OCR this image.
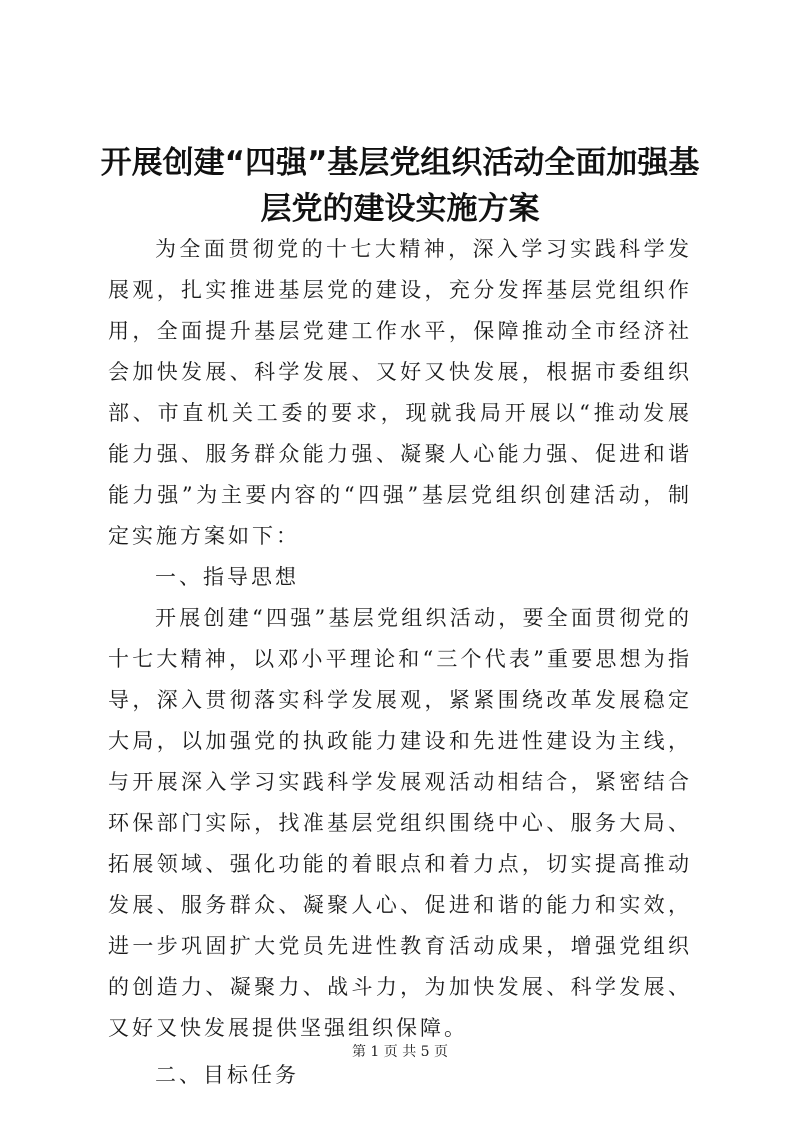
开展创建“四强”基层党组织活动全面加强基层党的建设实施方案

为全面贯彻党的十七大精神，深入学习实践科学发展观，扎实推进基层党的建设，充分发挥基层党组织作用，全面提升基层党建工作水平，保障推动全市经济社会加快发展、科学发展、又好又快发展，根据市委组织部、市直机关工委的要求，现就我局开展以“推动发展能力强、服务群众能力强、凝聚人心能力强、促进和谐能力强”为主要内容的“四强”基层党组织创建活动，制定实施方案如下：

一、指导思想

开展创建“四强”基层党组织活动，要全面贯彻党的十七大精神，以邓小平理论和“三个代表”重要思想为指导，深入贯彻落实科学发展观，紧紧围绕改革发展稳定大局，以加强党的执政能力建设和先进性建设为主线，与开展深入学习实践科学发展观活动相结合，紧密结合环保部门实际，找准基层党组织围绕中心、服务大局、拓展领域、强化功能的着眼点和着力点，切实提高推动发展、服务群众、凝聚人心、促进和谐的能力和实效，进一步巩固扩大党员先进性教育活动成果，增强党组织的创造力、凝聚力、战斗力，为加快发展、科学发展、又好又快发展提供坚强组织保障。

二、目标任务

第 1 页 共 5 页
